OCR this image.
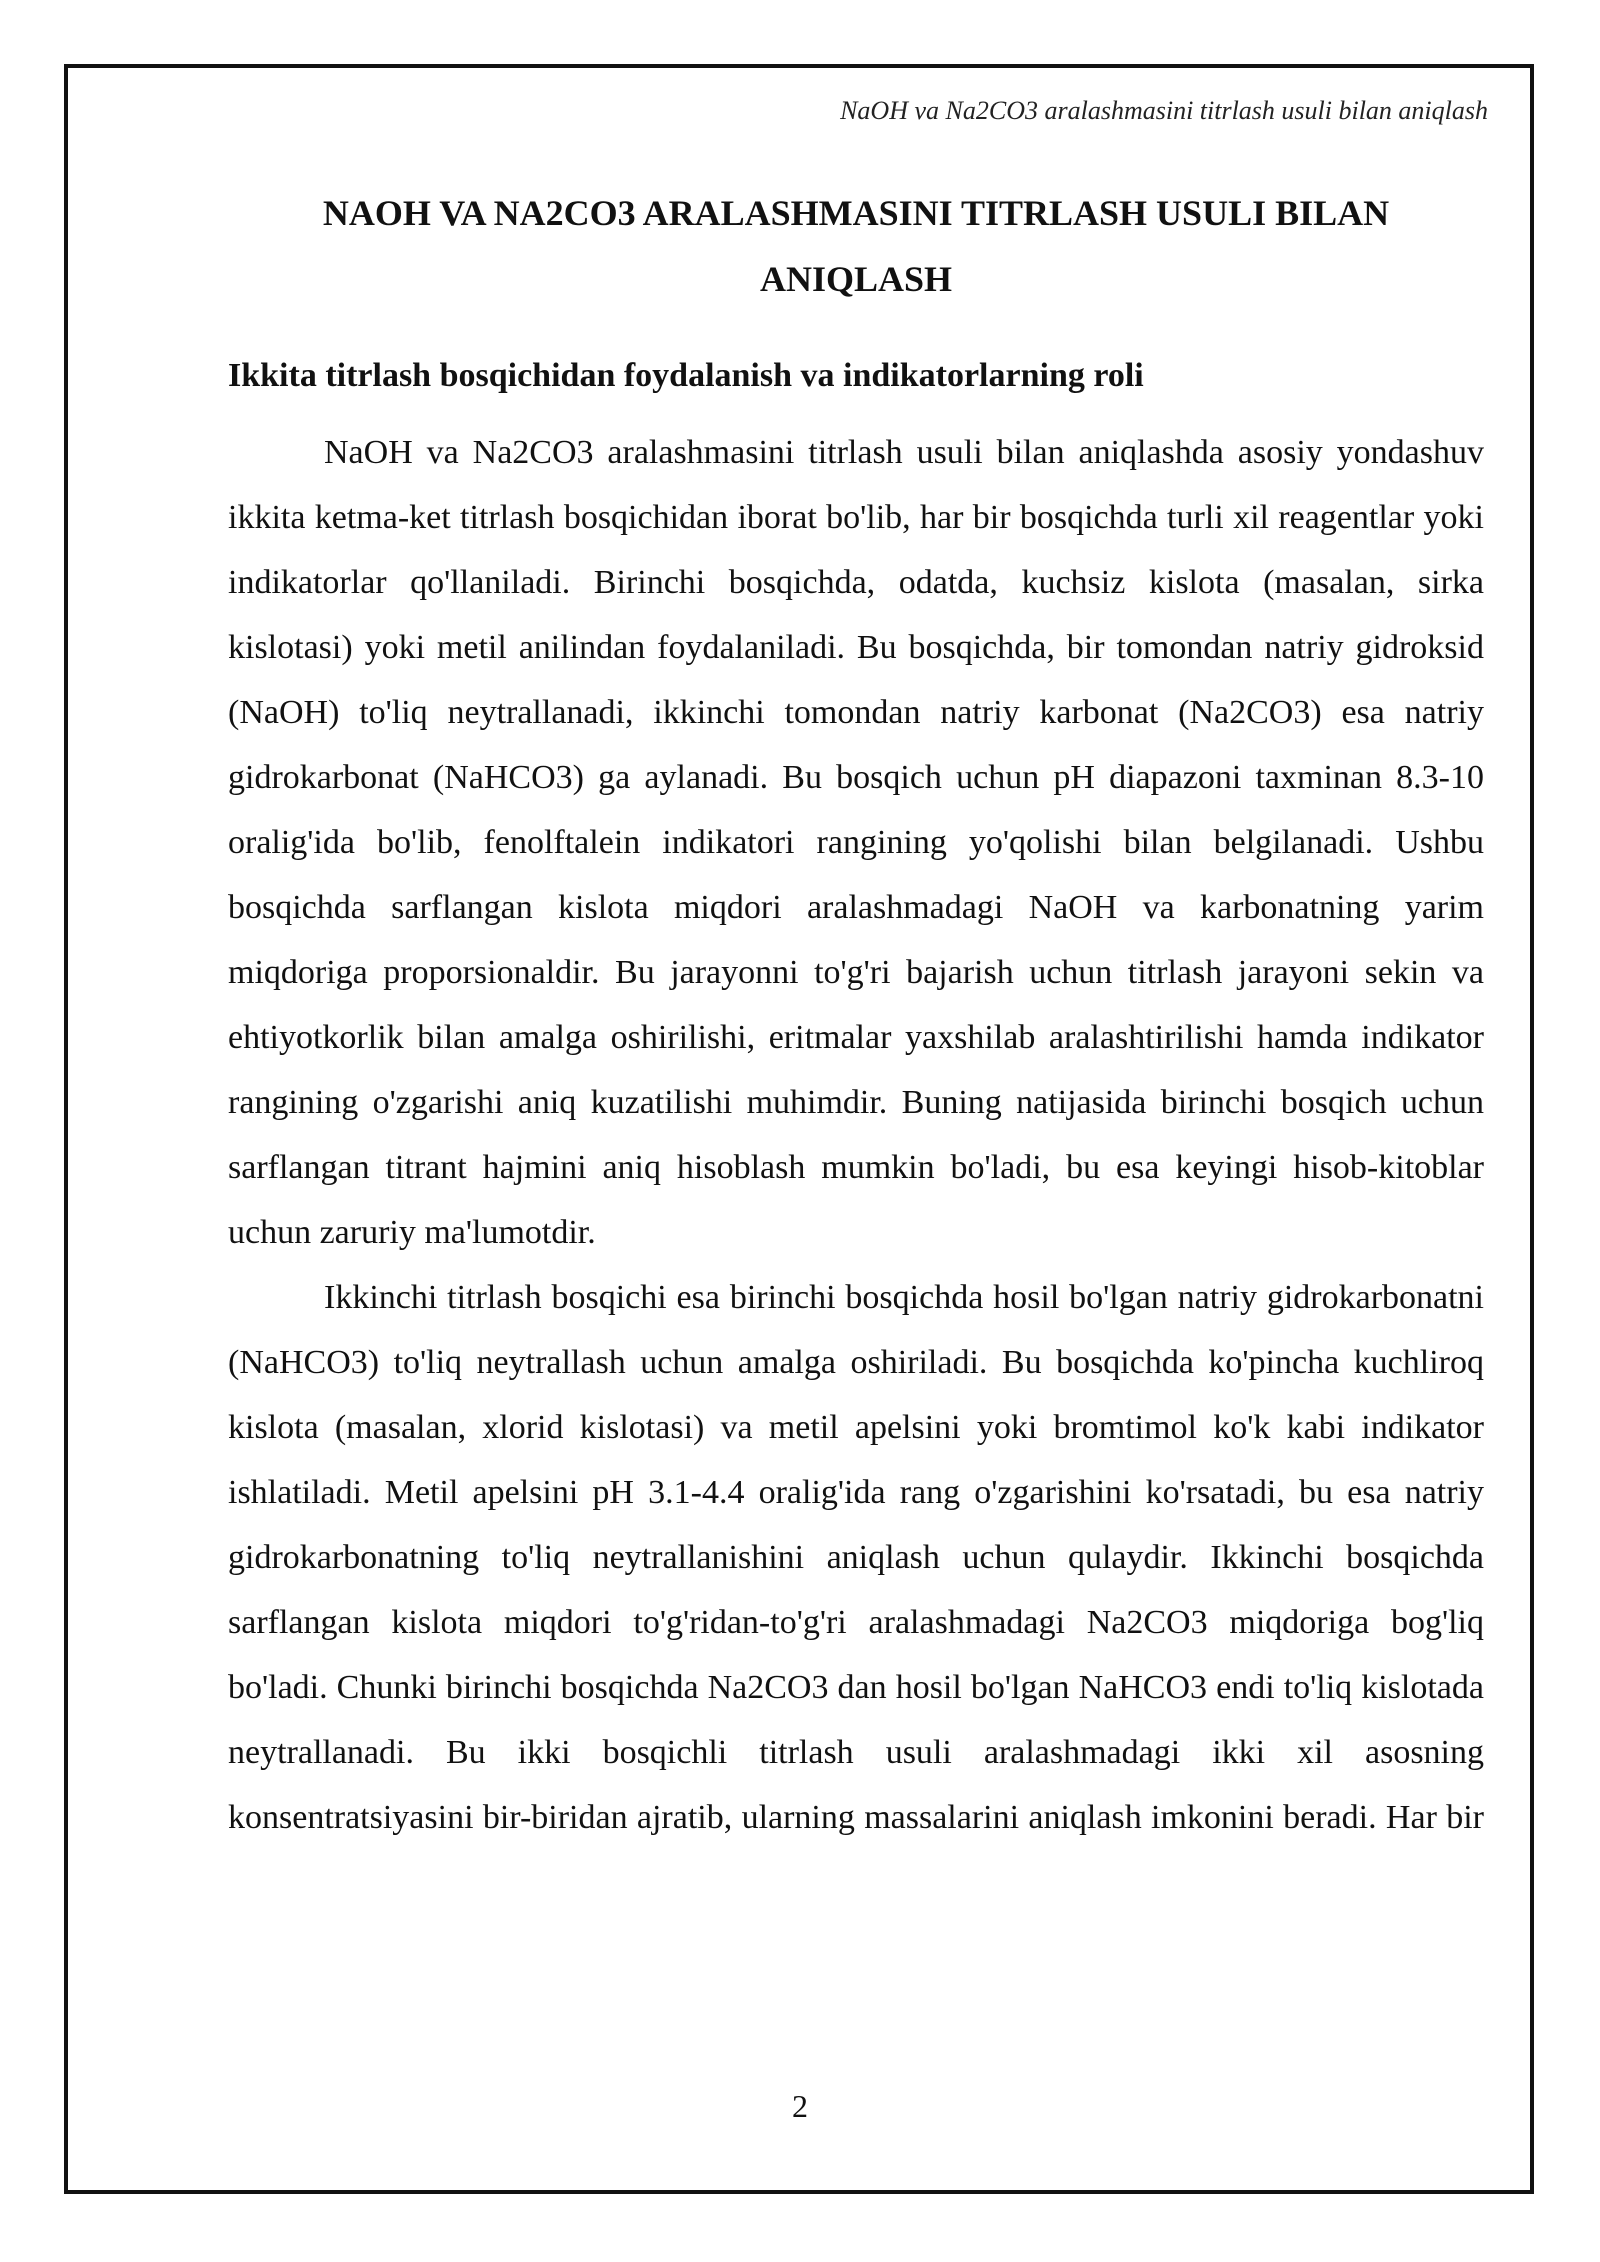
NaOH va Na2CO3 aralashmasini titrlash usuli bilan aniqlash
NAOH VA NA2CO3 ARALASHMASINI TITRLASH USULI BILAN ANIQLASH
Ikkita titrlash bosqichidan foydalanish va indikatorlarning roli

NaOH va Na2CO3 aralashmasini titrlash usuli bilan aniqlashda asosiy yondashuv ikkita ketma-ket titrlash bosqichidan iborat bo'lib, har bir bosqichda turli xil reagentlar yoki indikatorlar qo'llaniladi. Birinchi bosqichda, odatda, kuchsiz kislota (masalan, sirka kislotasi) yoki metil anilindan foydalaniladi. Bu bosqichda, bir tomondan natriy gidroksid (NaOH) to'liq neytrallanadi, ikkinchi tomondan natriy karbonat (Na2CO3) esa natriy gidrokarbonat (NaHCO3) ga aylanadi. Bu bosqich uchun pH diapazoni taxminan 8.3-10 oralig'ida bo'lib, fenolftalein indikatori rangining yo'qolishi bilan belgilanadi. Ushbu bosqichda sarflangan kislota miqdori aralashmadagi NaOH va karbonatning yarim miqdoriga proporsionaldir. Bu jarayonni to'g'ri bajarish uchun titrlash jarayoni sekin va ehtiyotkorlik bilan amalga oshirilishi, eritmalar yaxshilab aralashtirilishi hamda indikator rangining o'zgarishi aniq kuzatilishi muhimdir. Buning natijasida birinchi bosqich uchun sarflangan titrant hajmini aniq hisoblash mumkin bo'ladi, bu esa keyingi hisob-kitoblar uchun zaruriy ma'lumotdir.

Ikkinchi titrlash bosqichi esa birinchi bosqichda hosil bo'lgan natriy gidrokarbonatni (NaHCO3) to'liq neytrallash uchun amalga oshiriladi. Bu bosqichda ko'pincha kuchliroq kislota (masalan, xlorid kislotasi) va metil apelsini yoki bromtimol ko'k kabi indikator ishlatiladi. Metil apelsini pH 3.1-4.4 oralig'ida rang o'zgarishini ko'rsatadi, bu esa natriy gidrokarbonatning to'liq neytrallanishini aniqlash uchun qulaydir. Ikkinchi bosqichda sarflangan kislota miqdori to'g'ridan-to'g'ri aralashmadagi Na2CO3 miqdoriga bog'liq bo'ladi. Chunki birinchi bosqichda Na2CO3 dan hosil bo'lgan NaHCO3 endi to'liq kislotada neytrallanadi. Bu ikki bosqichli titrlash usuli aralashmadagi ikki xil asosning konsentratsiyasini bir-biridan ajratib, ularning massalarini aniqlash imkonini beradi. Har bir

2
